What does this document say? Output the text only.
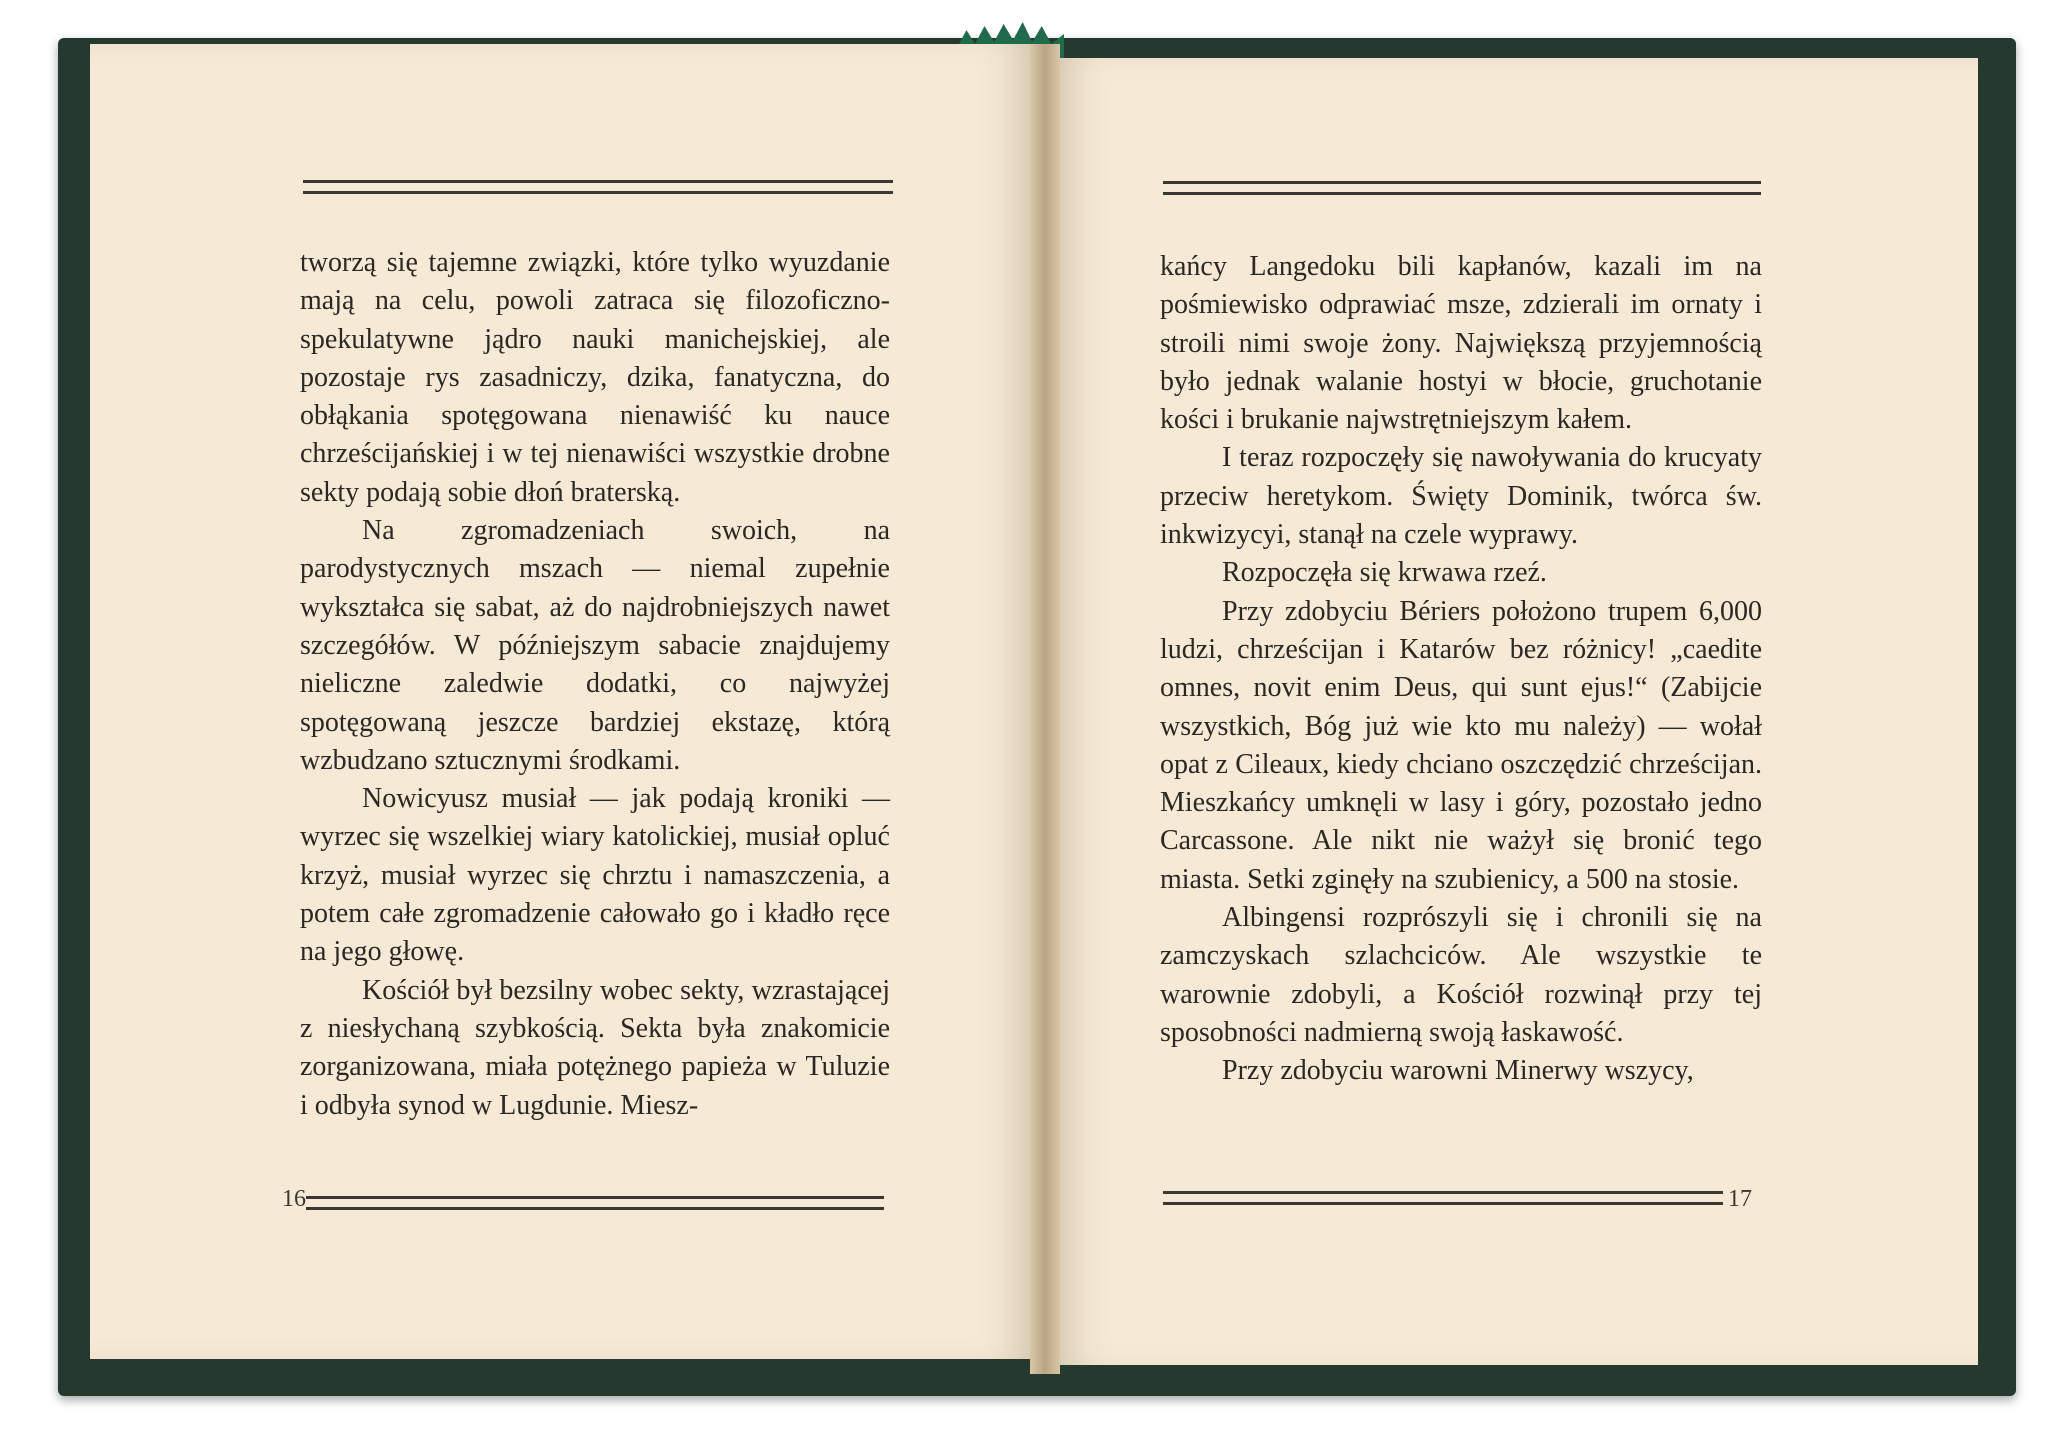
tworzą się tajemne związki, które tylko wyuzdanie mają na celu, powoli zatraca się filozoficzno-spekulatywne jądro nauki manichejskiej, ale pozostaje rys zasadniczy, dzika, fanatyczna, do obłąkania spotęgowana nienawiść ku nauce chrześcijańskiej i w tej nienawiści wszystkie drobne sekty podają sobie dłoń braterską.

Na zgromadzeniach swoich, na parodystycznych mszach — niemal zupełnie wykształca się sabat, aż do najdrobniejszych nawet szczegółów. W późniejszym sabacie znajdujemy nieliczne zaledwie dodatki, co najwyżej spotęgowaną jeszcze bardziej ekstazę, którą wzbudzano sztucznymi środkami.

Nowicyusz musiał — jak podają kroniki — wyrzec się wszelkiej wiary katolickiej, musiał opluć krzyż, musiał wyrzec się chrztu i namaszczenia, a potem całe zgromadzenie całowało go i kładło ręce na jego głowę.

Kościół był bezsilny wobec sekty, wzrastającej z niesłychaną szybkością. Sekta była znakomicie zorganizowana, miała potężnego papieża w Tuluzie i odbyła synod w Lugdunie. Miesz-

16

kańcy Langedoku bili kapłanów, kazali im na pośmiewisko odprawiać msze, zdzierali im ornaty i stroili nimi swoje żony. Największą przyjemnością było jednak walanie hostyi w błocie, gruchotanie kości i brukanie najwstrętniejszym kałem.

I teraz rozpoczęły się nawoływania do krucyaty przeciw heretykom. Święty Dominik, twórca św. inkwizycyi, stanął na czele wyprawy.

Rozpoczęła się krwawa rzeź.

Przy zdobyciu Bériers położono trupem 6,000 ludzi, chrześcijan i Katarów bez różnicy! „caedite omnes, novit enim Deus, qui sunt ejus!“ (Zabijcie wszystkich, Bóg już wie kto mu należy) — wołał opat z Cileaux, kiedy chciano oszczędzić chrześcijan. Mieszkańcy umknęli w lasy i góry, pozostało jedno Carcassone. Ale nikt nie ważył się bronić tego miasta. Setki zginęły na szubienicy, a 500 na stosie.

Albingensi rozprószyli się i chronili się na zamczyskach szlachciców. Ale wszystkie te warownie zdobyli, a Kościół rozwinął przy tej sposobności nadmierną swoją łaskawość.

Przy zdobyciu warowni Minerwy wszycy,

17
